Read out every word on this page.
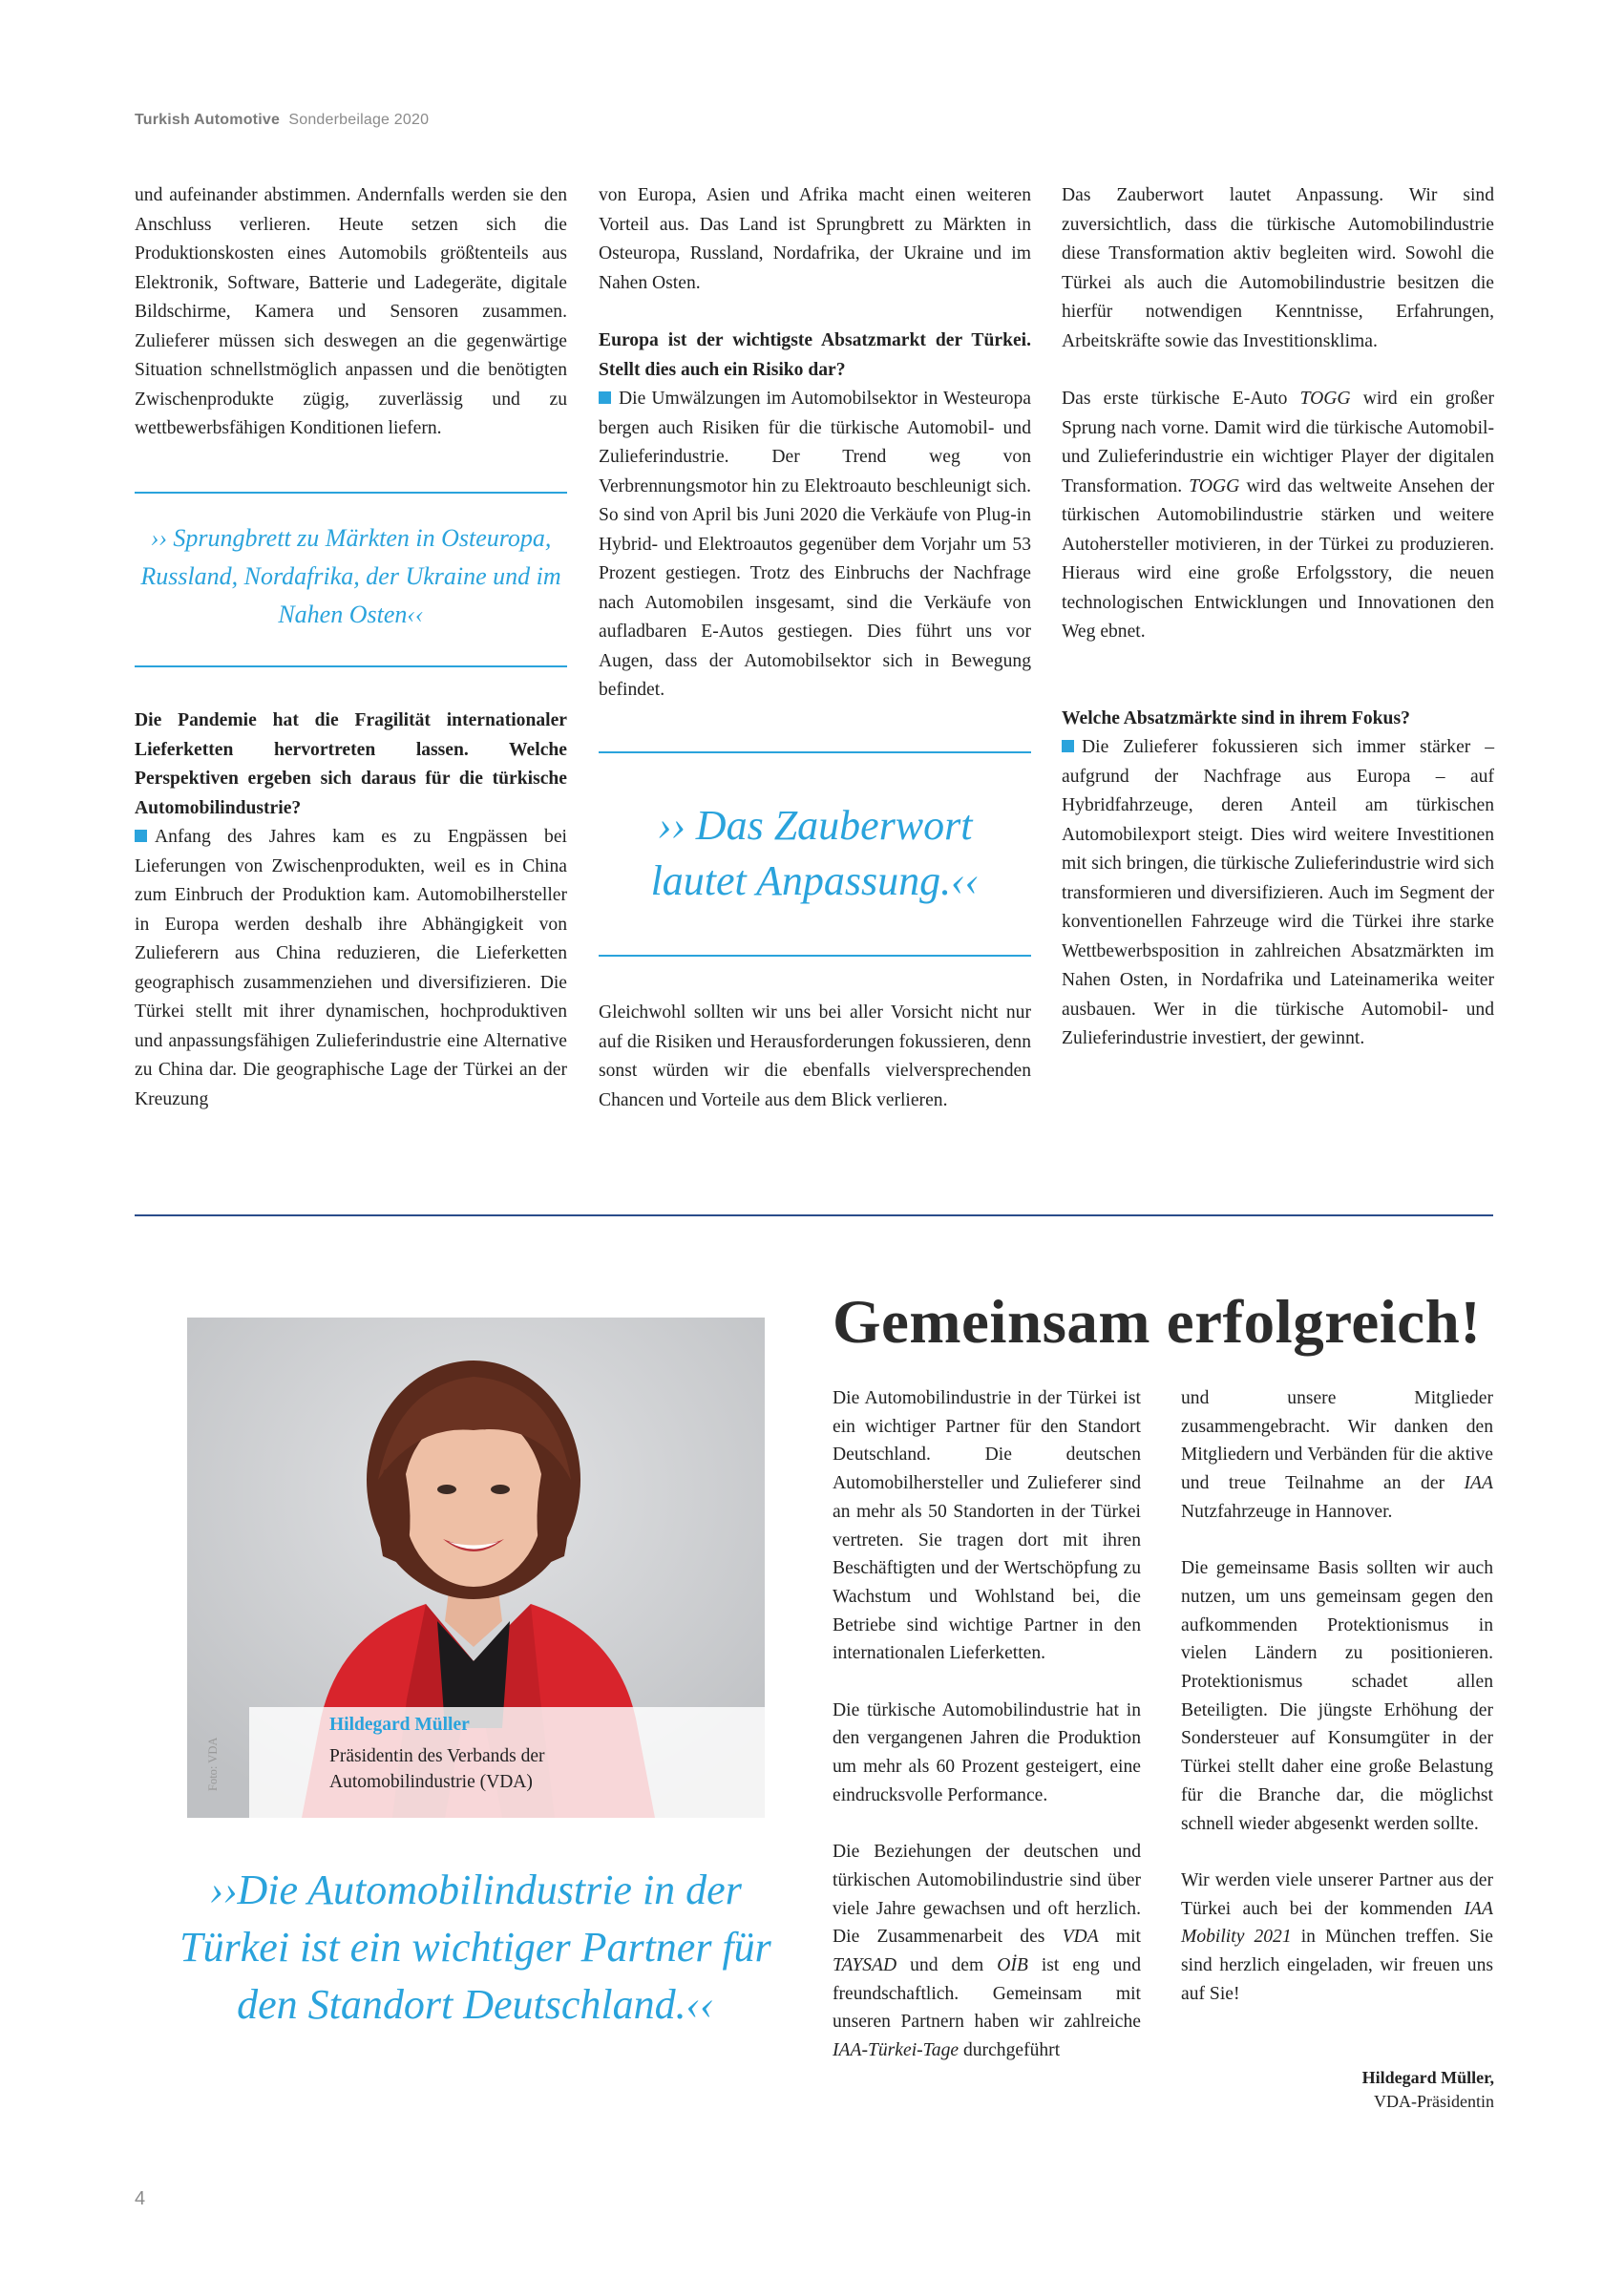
Turkish Automotive Sonderbeilage 2020

und aufeinander abstimmen. Andernfalls werden sie den Anschluss verlieren. Heute setzen sich die Produktionskosten eines Automobils größtenteils aus Elektronik, Software, Batterie und Ladegeräte, digitale Bildschirme, Kamera und Sensoren zusammen. Zulieferer müssen sich deswegen an die gegenwärtige Situation schnellstmöglich anpassen und die benötigten Zwischenprodukte zügig, zuverlässig und zu wettbewerbsfähigen Konditionen liefern.

›› Sprungbrett zu Märkten in Osteuropa, Russland, Nordafrika, der Ukraine und im Nahen Osten‹‹

Die Pandemie hat die Fragilität internationaler Lieferketten hervortreten lassen. Welche Perspektiven ergeben sich daraus für die türkische Automobilindustrie?
Anfang des Jahres kam es zu Engpässen bei Lieferungen von Zwischenprodukten, weil es in China zum Einbruch der Produktion kam. Automobilhersteller in Europa werden deshalb ihre Abhängigkeit von Zulieferern aus China reduzieren, die Lieferketten geographisch zusammenziehen und diversifizieren. Die Türkei stellt mit ihrer dynamischen, hochproduktiven und anpassungsfähigen Zulieferindustrie eine Alternative zu China dar. Die geographische Lage der Türkei an der Kreuzung

von Europa, Asien und Afrika macht einen weiteren Vorteil aus. Das Land ist Sprungbrett zu Märkten in Osteuropa, Russland, Nordafrika, der Ukraine und im Nahen Osten.

Europa ist der wichtigste Absatzmarkt der Türkei. Stellt dies auch ein Risiko dar?
Die Umwälzungen im Automobilsektor in Westeuropa bergen auch Risiken für die türkische Automobil- und Zulieferindustrie. Der Trend weg von Verbrennungsmotor hin zu Elektroauto beschleunigt sich. So sind von April bis Juni 2020 die Verkäufe von Plug-in Hybrid- und Elektroautos gegenüber dem Vorjahr um 53 Prozent gestiegen. Trotz des Einbruchs der Nachfrage nach Automobilen insgesamt, sind die Verkäufe von aufladbaren E-Autos gestiegen. Dies führt uns vor Augen, dass der Automobilsektor sich in Bewegung befindet.

›› Das Zauberwort lautet Anpassung.‹‹

Gleichwohl sollten wir uns bei aller Vorsicht nicht nur auf die Risiken und Herausforderungen fokussieren, denn sonst würden wir die ebenfalls vielversprechenden Chancen und Vorteile aus dem Blick verlieren.

Das Zauberwort lautet Anpassung. Wir sind zuversichtlich, dass die türkische Automobilindustrie diese Transformation aktiv begleiten wird. Sowohl die Türkei als auch die Automobilindustrie besitzen die hierfür notwendigen Kenntnisse, Erfahrungen, Arbeitskräfte sowie das Investitionsklima.

Das erste türkische E-Auto TOGG wird ein großer Sprung nach vorne. Damit wird die türkische Automobil- und Zulieferindustrie ein wichtiger Player der digitalen Transformation. TOGG wird das weltweite Ansehen der türkischen Automobilindustrie stärken und weitere Autohersteller motivieren, in der Türkei zu produzieren. Hieraus wird eine große Erfolgsstory, die neuen technologischen Entwicklungen und Innovationen den Weg ebnet.

Welche Absatzmärkte sind in ihrem Fokus?
Die Zulieferer fokussieren sich immer stärker – aufgrund der Nachfrage aus Europa – auf Hybridfahrzeuge, deren Anteil am türkischen Automobilexport steigt. Dies wird weitere Investitionen mit sich bringen, die türkische Zulieferindustrie wird sich transformieren und diversifizieren. Auch im Segment der konventionellen Fahrzeuge wird die Türkei ihre starke Wettbewerbsposition in zahlreichen Absatzmärkten im Nahen Osten, in Nordafrika und Lateinamerika weiter ausbauen. Wer in die türkische Automobil- und Zulieferindustrie investiert, der gewinnt.

Hildegard Müller
Präsidentin des Verbands der Automobilindustrie (VDA)
Foto: VDA
››Die Automobilindustrie in der Türkei ist ein wichtiger Partner für den Standort Deutschland.‹‹
Gemeinsam erfolgreich!

Die Automobilindustrie in der Türkei ist ein wichtiger Partner für den Standort Deutschland. Die deutschen Automobilhersteller und Zulieferer sind an mehr als 50 Standorten in der Türkei vertreten. Sie tragen dort mit ihren Beschäftigten und der Wertschöpfung zu Wachstum und Wohlstand bei, die Betriebe sind wichtige Partner in den internationalen Lieferketten.

Die türkische Automobilindustrie hat in den vergangenen Jahren die Produktion um mehr als 60 Prozent gesteigert, eine eindrucksvolle Performance.

Die Beziehungen der deutschen und türkischen Automobilindustrie sind über viele Jahre gewachsen und oft herzlich. Die Zusammenarbeit des VDA mit TAYSAD und dem OİB ist eng und freundschaftlich. Gemeinsam mit unseren Partnern haben wir zahlreiche IAA-Türkei-Tage durchgeführt

und unsere Mitglieder zusammengebracht. Wir danken den Mitgliedern und Verbänden für die aktive und treue Teilnahme an der IAA Nutzfahrzeuge in Hannover.

Die gemeinsame Basis sollten wir auch nutzen, um uns gemeinsam gegen den aufkommenden Protektionismus in vielen Ländern zu positionieren. Protektionismus schadet allen Beteiligten. Die jüngste Erhöhung der Sondersteuer auf Konsumgüter in der Türkei stellt daher eine große Belastung für die Branche dar, die möglichst schnell wieder abgesenkt werden sollte.

Wir werden viele unserer Partner aus der Türkei auch bei der kommenden IAA Mobility 2021 in München treffen. Sie sind herzlich eingeladen, wir freuen uns auf Sie!

Hildegard Müller,
VDA-Präsidentin
4
